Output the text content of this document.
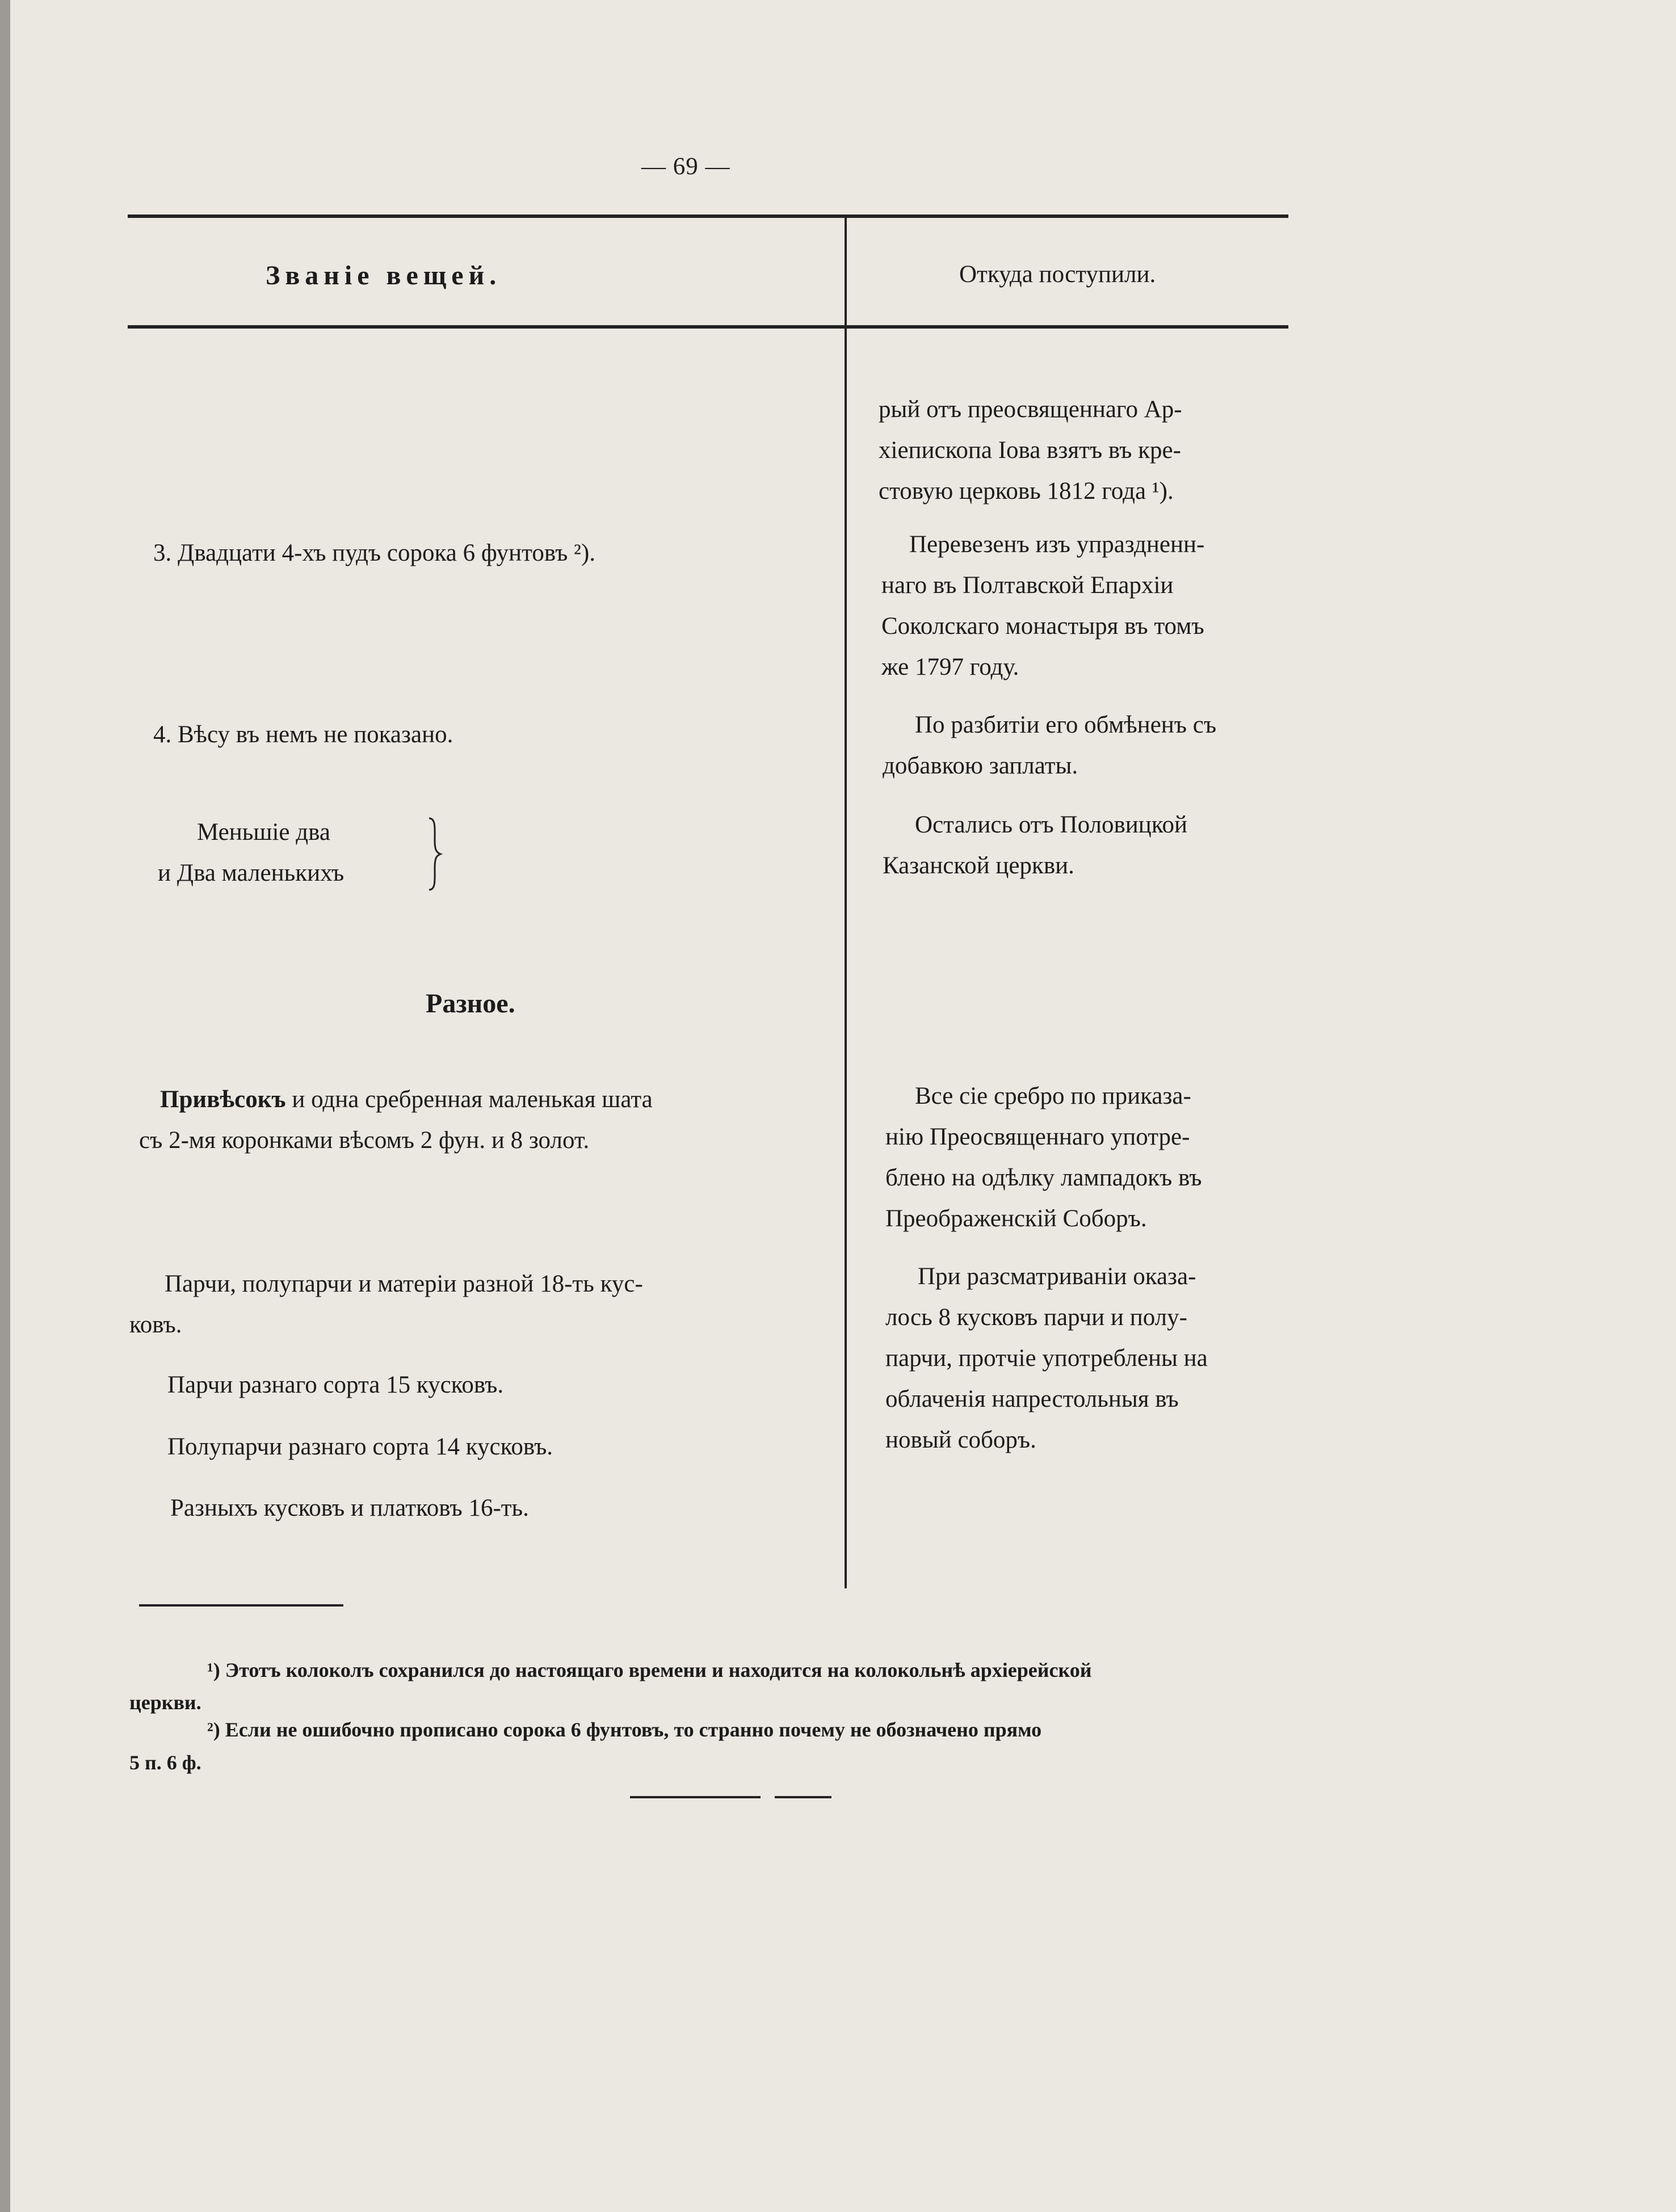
— 69 —
Званіе вещей.	Откуда поступили.
3. Двадцати 4-хъ пудъ сорока 6 фунтовъ ²).
4. Вѣсу въ немъ не показано.
Меньшіе два
и Два маленькихъ
Разное.
Привѣсокъ и одна сребренная маленькая шата
съ 2-мя коронками вѣсомъ 2 фун. и 8 золот.
Парчи, полупарчи и матеріи разной 18-ть кус-
ковъ.
Парчи разнаго сорта 15 кусковъ.
Полупарчи разнаго сорта 14 кусковъ.
Разныхъ кусковъ и платковъ 16-ть.
рый отъ преосвященнаго Ар-
хіепископа Іова взятъ въ кре-
стовую церковь 1812 года ¹).
Перевезенъ изъ упраздненн-
наго въ Полтавской Епархіи
Соколскаго монастыря въ томъ
же 1797 году.
По разбитіи его обмѣненъ съ
добавкою заплаты.
Остались отъ Половицкой
Казанской церкви.
Все сіе сребро по приказа-
нію Преосвященнаго употре-
блено на одѣлку лампадокъ въ
Преображенскій Соборъ.
При разсматриваніи оказа-
лось 8 кусковъ парчи и полу-
парчи, протчіе употреблены на
облаченія напрестольныя въ
новый соборъ.
¹) Этотъ колоколъ сохранился до настоящаго времени и находится на колокольнѣ архіерейской
церкви.
²) Если не ошибочно прописано сорока 6 фунтовъ, то странно почему не обозначено прямо
5 п. 6 ф.
